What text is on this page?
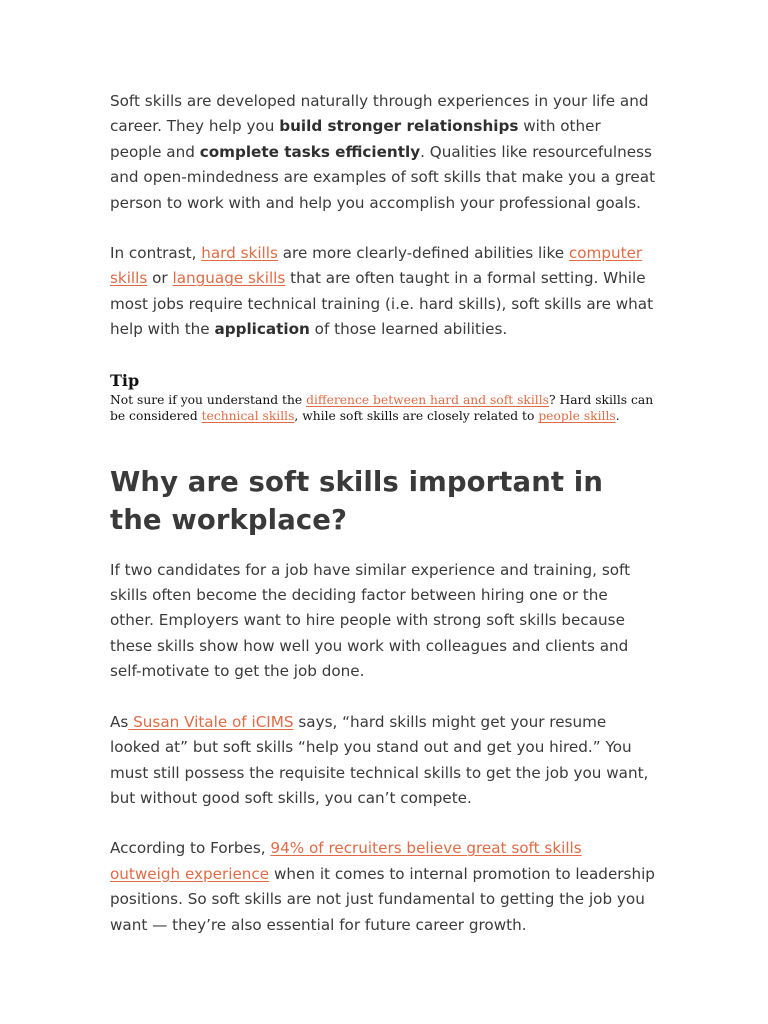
Soft skills are developed naturally through experiences in your life and career. They help you build stronger relationships with other people and complete tasks efficiently. Qualities like resourcefulness and open-mindedness are examples of soft skills that make you a great person to work with and help you accomplish your professional goals.

In contrast, hard skills are more clearly-defined abilities like computer skills or language skills that are often taught in a formal setting. While most jobs require technical training (i.e. hard skills), soft skills are what help with the application of those learned abilities.

Tip
Not sure if you understand the difference between hard and soft skills? Hard skills can be considered technical skills, while soft skills are closely related to people skills.
Why are soft skills important in the workplace?

If two candidates for a job have similar experience and training, soft skills often become the deciding factor between hiring one or the other. Employers want to hire people with strong soft skills because these skills show how well you work with colleagues and clients and self-motivate to get the job done.

As Susan Vitale of iCIMS says, “hard skills might get your resume looked at” but soft skills “help you stand out and get you hired.” You must still possess the requisite technical skills to get the job you want, but without good soft skills, you can’t compete.

According to Forbes, 94% of recruiters believe great soft skills outweigh experience when it comes to internal promotion to leadership positions. So soft skills are not just fundamental to getting the job you want — they’re also essential for future career growth.
